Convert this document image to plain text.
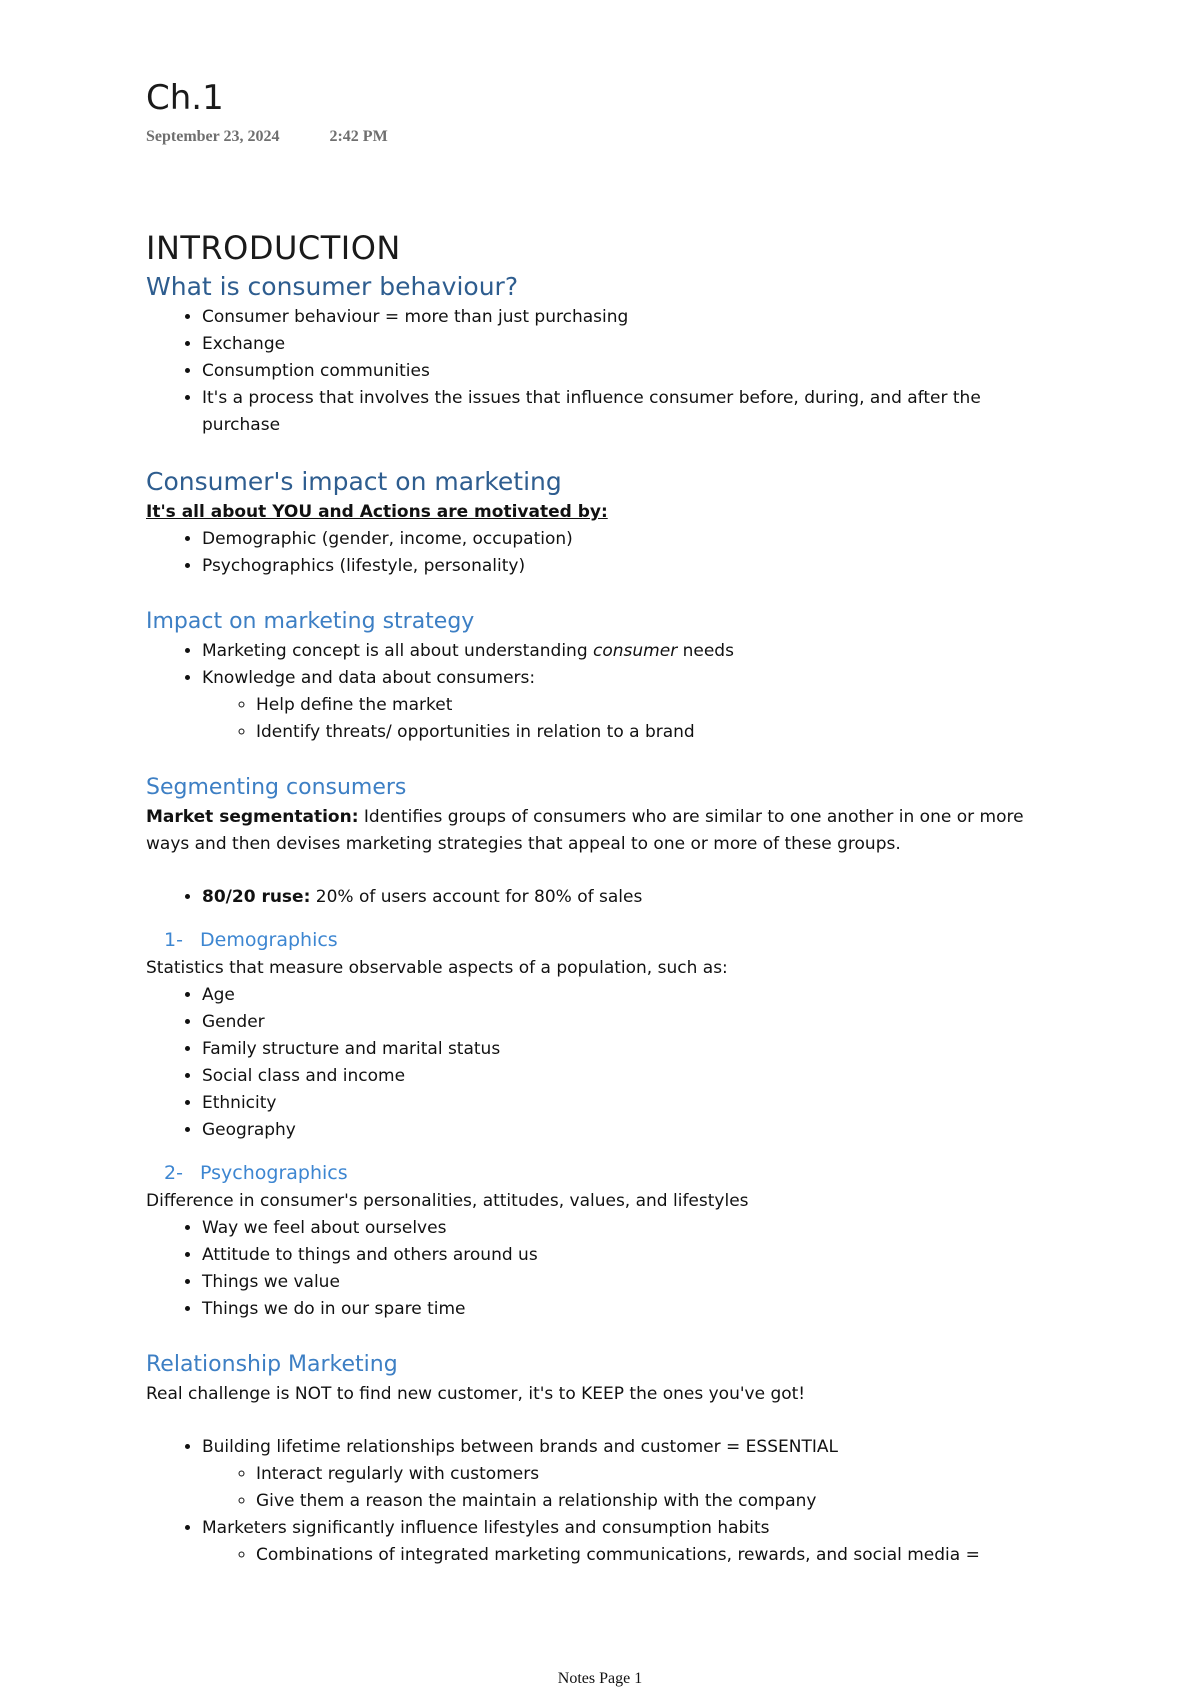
Ch.1
September 23, 2024	2:42 PM
INTRODUCTION
What is consumer behaviour?
• Consumer behaviour = more than just purchasing
• Exchange
• Consumption communities
• It's a process that involves the issues that influence consumer before, during, and after the purchase
Consumer's impact on marketing

It's all about YOU and Actions are motivated by:

• Demographic (gender, income, occupation)
• Psychographics (lifestyle, personality)
Impact on marketing strategy
• Marketing concept is all about understanding consumer needs
• Knowledge and data about consumers:
◦ Help define the market
◦ Identify threats/ opportunities in relation to a brand
Segmenting consumers

Market segmentation: Identifies groups of consumers who are similar to one another in one or more ways and then devises marketing strategies that appeal to one or more of these groups.

• 80/20 ruse: 20% of users account for 80% of sales
1- Demographics

Statistics that measure observable aspects of a population, such as:

• Age
• Gender
• Family structure and marital status
• Social class and income
• Ethnicity
• Geography
2- Psychographics

Difference in consumer's personalities, attitudes, values, and lifestyles

• Way we feel about ourselves
• Attitude to things and others around us
• Things we value
• Things we do in our spare time
Relationship Marketing

Real challenge is NOT to find new customer, it's to KEEP the ones you've got!

• Building lifetime relationships between brands and customer = ESSENTIAL
◦ Interact regularly with customers
◦ Give them a reason the maintain a relationship with the company
• Marketers significantly influence lifestyles and consumption habits
◦ Combinations of integrated marketing communications, rewards, and social media =
Notes Page 1
